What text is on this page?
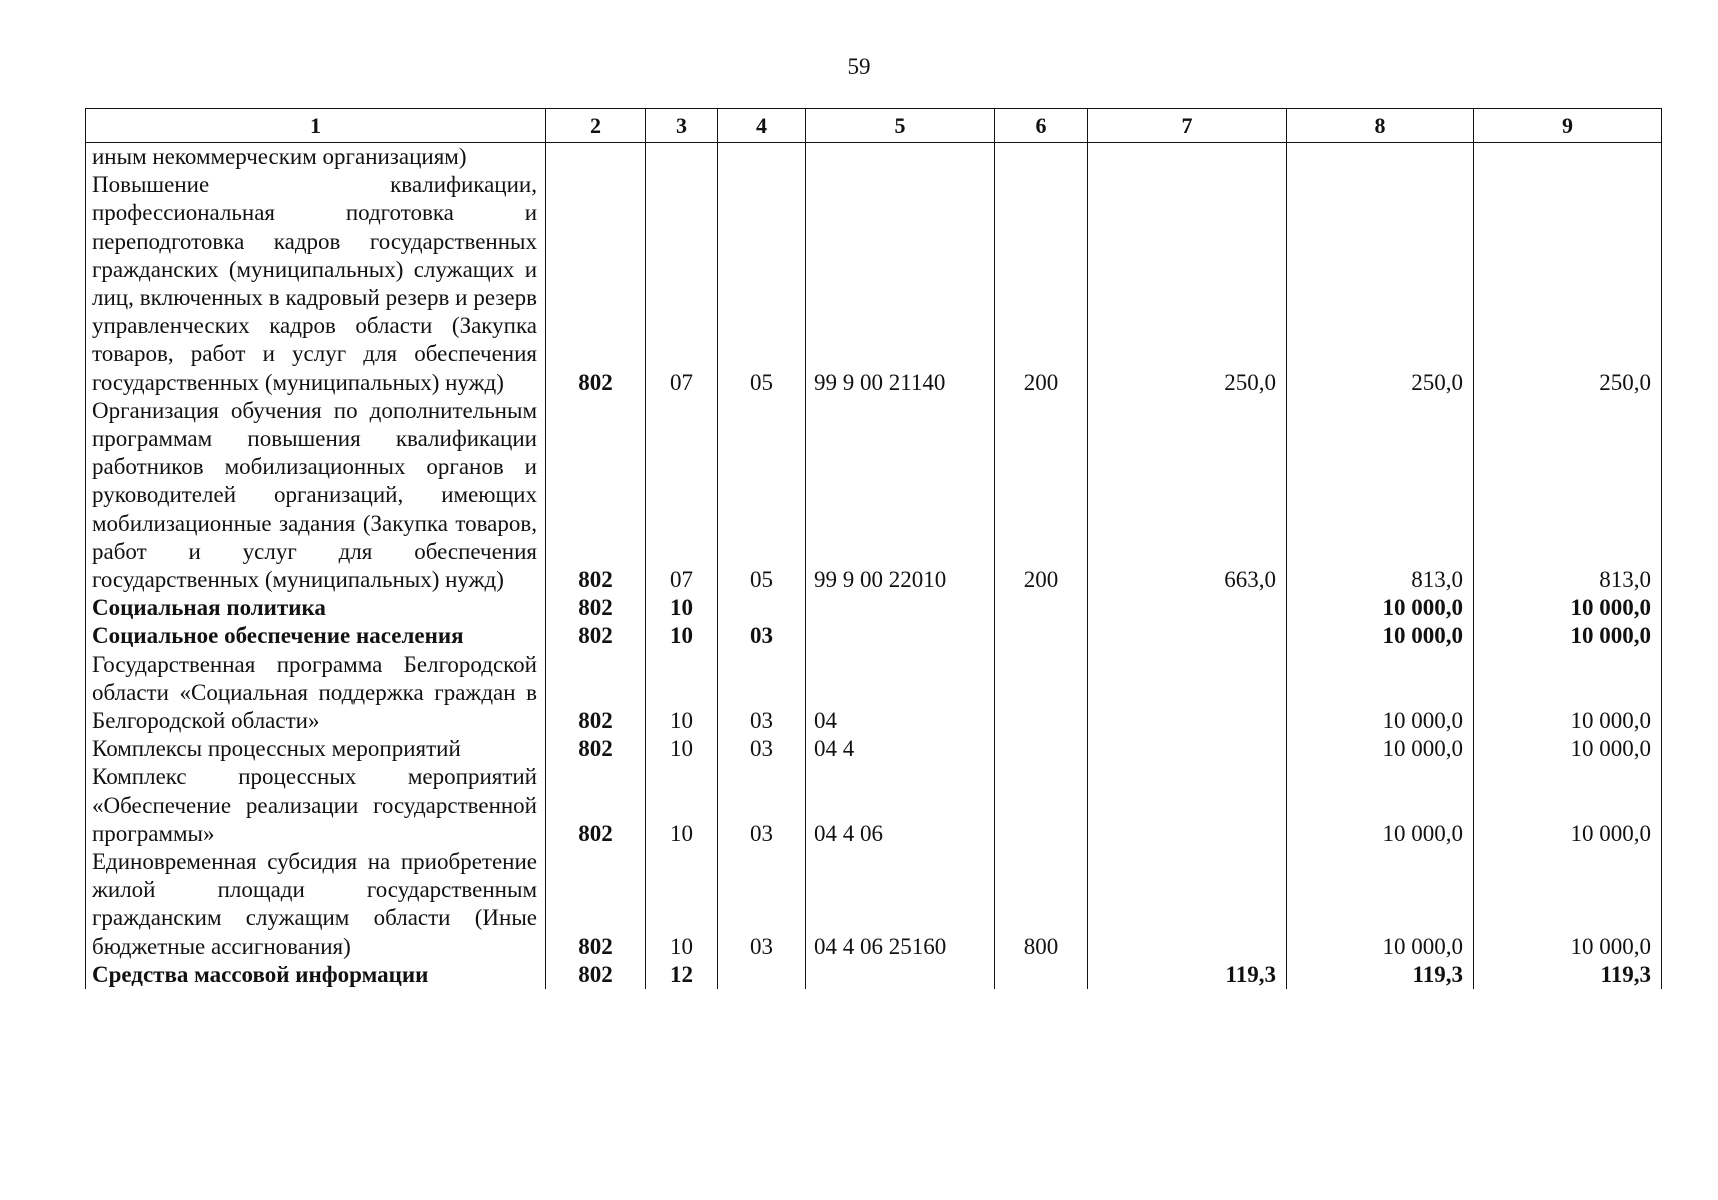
59
1	2	3	4	5	6	7	8	9
иным некоммерческим организациям)								
Повышение квалификации, профессиональная подготовка и переподготовка кадров государственных гражданских (муниципальных) служащих и лиц, включенных в кадровый резерв и резерв управленческих кадров области (Закупка товаров, работ и услуг для обеспечения государственных (муниципальных) нужд)	802	07	05	99 9 00 21140	200	250,0	250,0	250,0
Организация обучения по дополнительным программам повышения квалификации работников мобилизационных органов и руководителей организаций, имеющих мобилизационные задания (Закупка товаров, работ и услуг для обеспечения государственных (муниципальных) нужд)	802	07	05	99 9 00 22010	200	663,0	813,0	813,0
Социальная политика	802	10					10 000,0	10 000,0
Социальное обеспечение населения	802	10	03				10 000,0	10 000,0
Государственная программа Белгородской области «Социальная поддержка граждан в Белгородской области»	802	10	03	04			10 000,0	10 000,0
Комплексы процессных мероприятий	802	10	03	04 4			10 000,0	10 000,0
Комплекс процессных мероприятий «Обеспечение реализации государственной программы»	802	10	03	04 4 06			10 000,0	10 000,0
Единовременная субсидия на приобретение жилой площади государственным гражданским служащим области (Иные бюджетные ассигнования)	802	10	03	04 4 06 25160	800		10 000,0	10 000,0
Средства массовой информации	802	12				119,3	119,3	119,3
